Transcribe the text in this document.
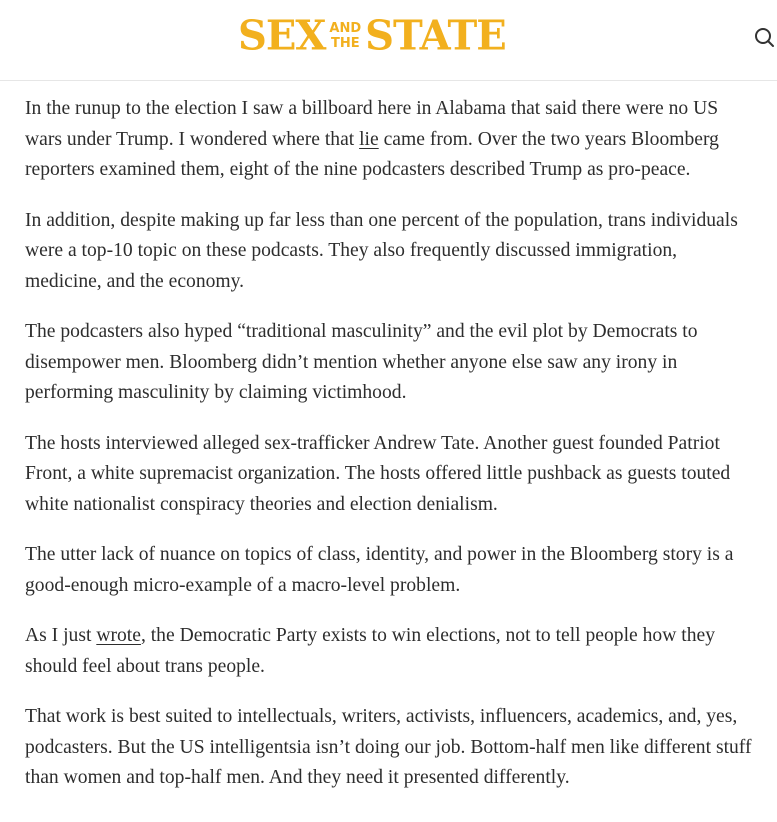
SEX AND
THE STATE

In the runup to the election I saw a billboard here in Alabama that said there were no US wars under Trump. I wondered where that lie came from. Over the two years Bloomberg reporters examined them, eight of the nine podcasters described Trump as pro-peace.

In addition, despite making up far less than one percent of the population, trans individuals were a top-10 topic on these podcasts. They also frequently discussed immigration, medicine, and the economy.

The podcasters also hyped “traditional masculinity” and the evil plot by Democrats to disempower men. Bloomberg didn’t mention whether anyone else saw any irony in performing masculinity by claiming victimhood.

The hosts interviewed alleged sex-trafficker Andrew Tate. Another guest founded Patriot Front, a white supremacist organization. The hosts offered little pushback as guests touted white nationalist conspiracy theories and election denialism.

The utter lack of nuance on topics of class, identity, and power in the Bloomberg story is a good-enough micro-example of a macro-level problem.

As I just wrote, the Democratic Party exists to win elections, not to tell people how they should feel about trans people.

That work is best suited to intellectuals, writers, activists, influencers, academics, and, yes, podcasters. But the US intelligentsia isn’t doing our job. Bottom-half men like different stuff than women and top-half men. And they need it presented differently.
